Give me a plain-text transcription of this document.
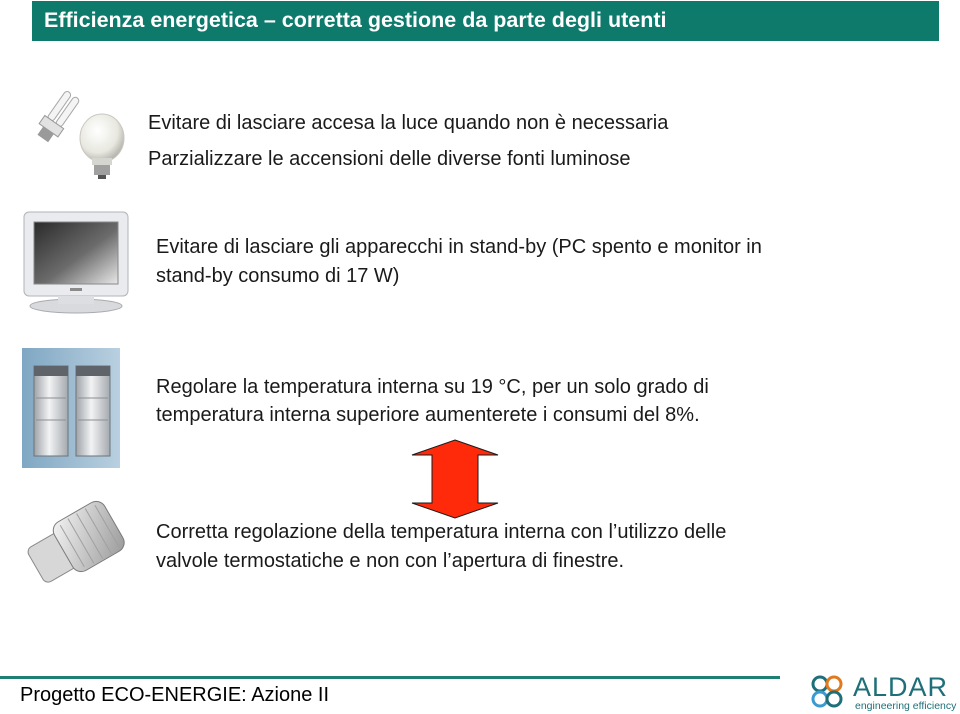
Efficienza energetica – corretta gestione da parte degli utenti
Evitare di lasciare accesa la luce quando non è necessaria
Parzializzare le accensioni delle diverse fonti luminose
Evitare di lasciare gli apparecchi in stand-by (PC spento e monitor in
stand-by consumo di 17 W)
Regolare la temperatura interna su 19 °C, per un solo grado di
temperatura interna superiore aumenterete i consumi del 8%.
Corretta regolazione della temperatura interna con l’utilizzo delle
valvole termostatiche e non con l’apertura di finestre.
Progetto ECO-ENERGIE: Azione II	ALDAR
engineering efficiency
